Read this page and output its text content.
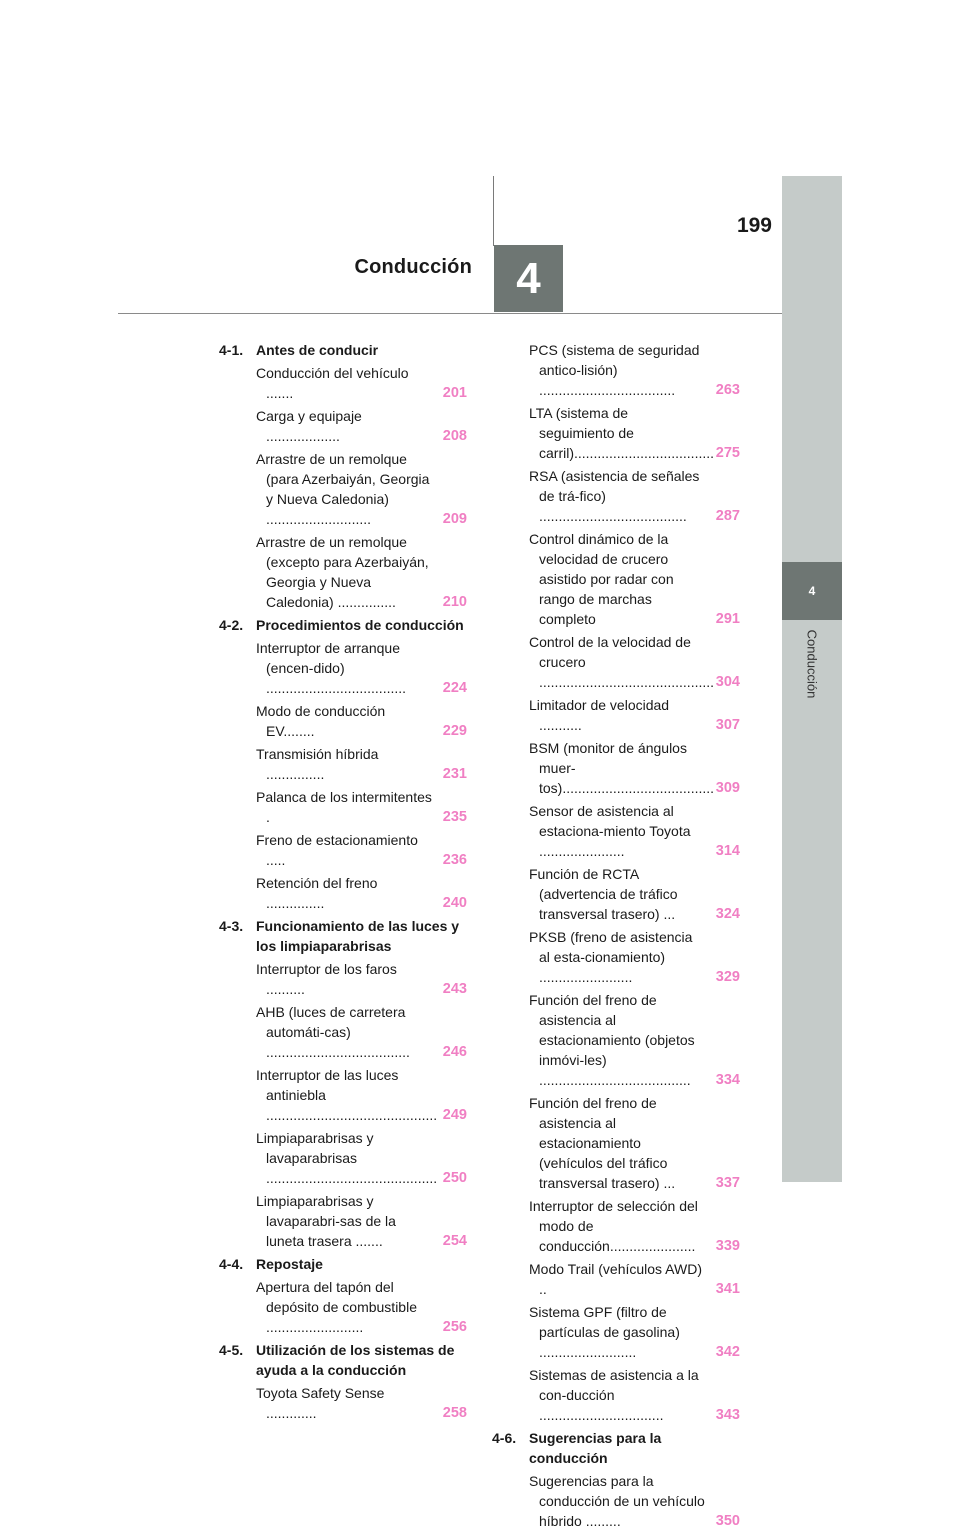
199
Conducción	4
4
Conducción
4-1. Antes de conducir
Conducción del vehículo .......	201
Carga y equipaje ...................	208
Arrastre de un remolque (para Azerbaiyán, Georgia y Nueva Caledonia) ...........................	209
Arrastre de un remolque (excepto para Azerbaiyán, Georgia y Nueva Caledonia) ...............	210
4-2. Procedimientos de conducción
Interruptor de arranque (encen-dido) ....................................	224
Modo de conducción EV........	229
Transmisión híbrida ...............	231
Palanca de los intermitentes .	235
Freno de estacionamiento .....	236
Retención del freno ...............	240
4-3. Funcionamiento de las luces y los limpiaparabrisas
Interruptor de los faros ..........	243
AHB (luces de carretera automáti-cas) .....................................	246
Interruptor de las luces antiniebla ............................................ 249
Limpiaparabrisas y lavaparabrisas ............................................ 250
Limpiaparabrisas y lavaparabri-sas de la luneta trasera .......	254
4-4. Repostaje
Apertura del tapón del depósito de combustible .........................	256
4-5. Utilización de los sistemas de ayuda a la conducción
Toyota Safety Sense .............	258
PCS (sistema de seguridad antico-lisión) ...................................	263
LTA (sistema de seguimiento de carril).................................... 275
RSA (asistencia de señales de trá-fico) ......................................	287
Control dinámico de la velocidad de crucero asistido por radar con rango de marchas completo	291
Control de la velocidad de crucero ............................................. 304
Limitador de velocidad ...........	307
BSM (monitor de ángulos muer-tos)....................................... 309
Sensor de asistencia al estaciona-miento Toyota ......................	314
Función de RCTA (advertencia de tráfico transversal trasero) ...	324
PKSB (freno de asistencia al esta-cionamiento) ........................	329
Función del freno de asistencia al estacionamiento (objetos inmóvi-les) .......................................	334
Función del freno de asistencia al estacionamiento (vehículos del tráfico transversal trasero) ...	337
Interruptor de selección del modo de conducción......................	339
Modo Trail (vehículos AWD) ..	341
Sistema GPF (filtro de partículas de gasolina) .........................	342
Sistemas de asistencia a la con-ducción ................................	343
4-6. Sugerencias para la conducción
Sugerencias para la conducción de un vehículo híbrido .........	350
